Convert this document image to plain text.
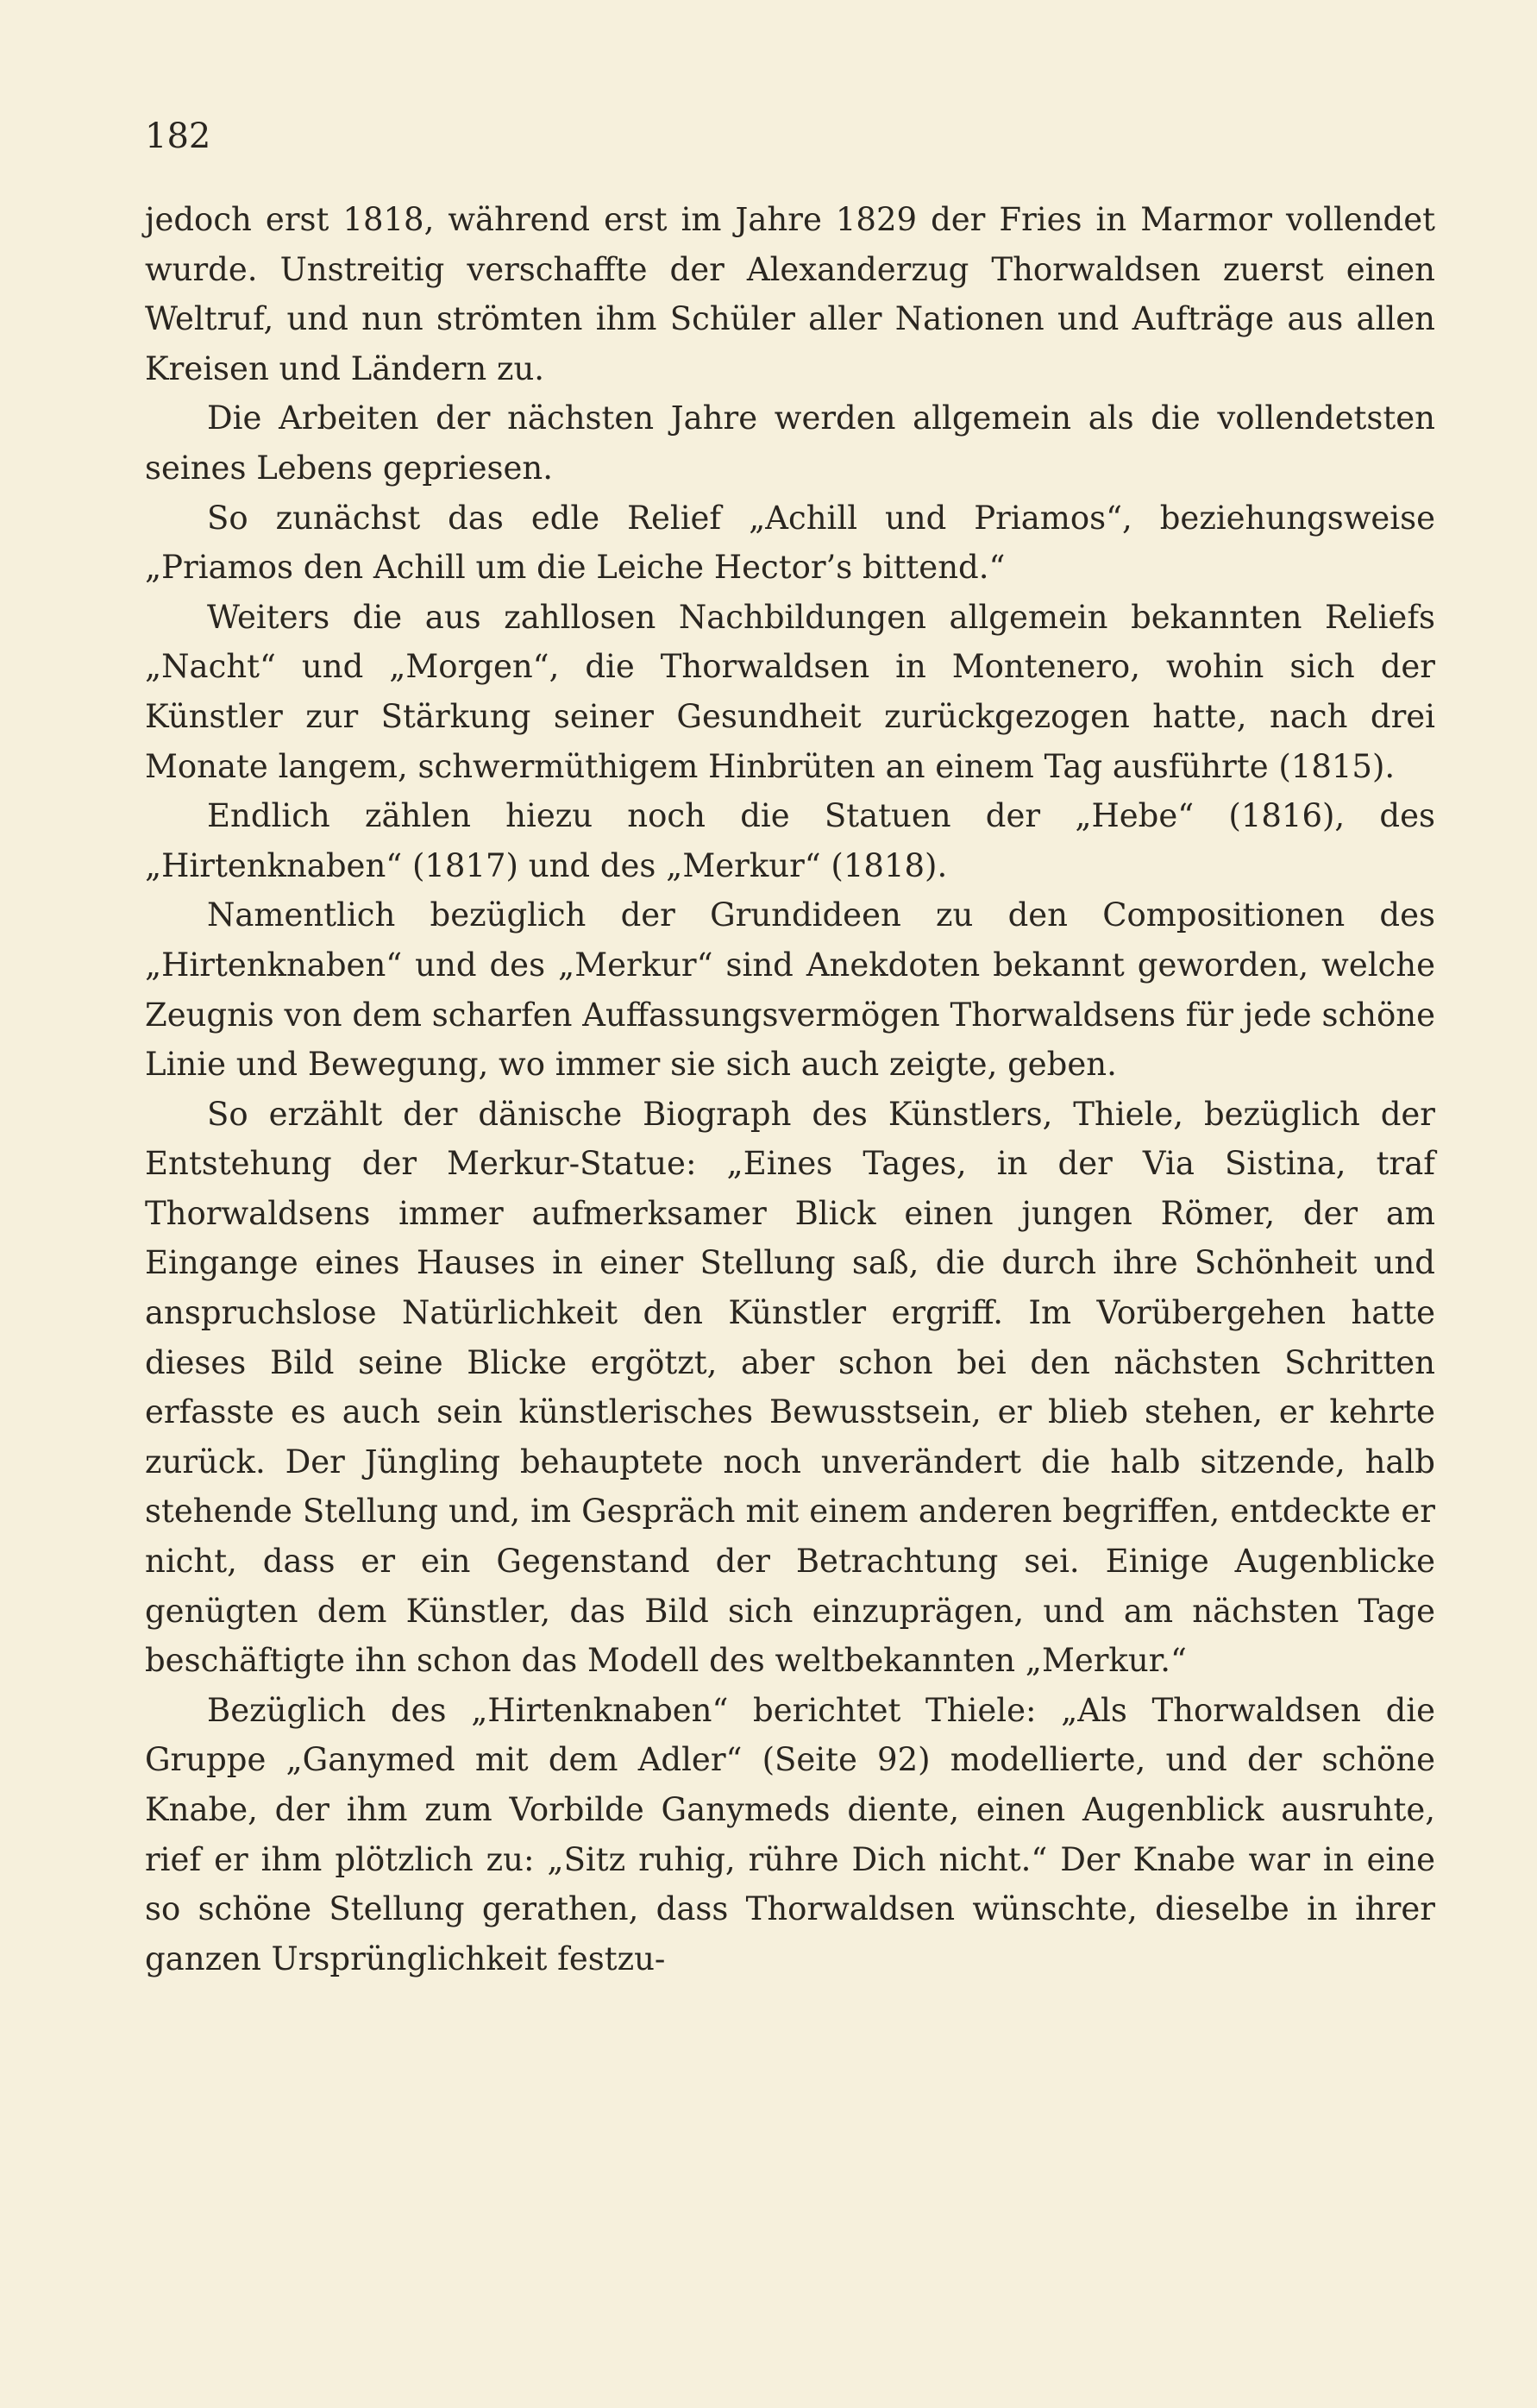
182

jedoch erst 1818, während erst im Jahre 1829 der Fries in Marmor vollendet wurde. Unstreitig verschaffte der Alexanderzug Thorwaldsen zuerst einen Weltruf, und nun strömten ihm Schüler aller Nationen und Aufträge aus allen Kreisen und Ländern zu.

Die Arbeiten der nächsten Jahre werden allgemein als die vollendetsten seines Lebens gepriesen.

So zunächst das edle Relief „Achill und Priamos“, beziehungsweise „Priamos den Achill um die Leiche Hector’s bittend.“

Weiters die aus zahllosen Nachbildungen allgemein bekannten Reliefs „Nacht“ und „Morgen“, die Thorwaldsen in Montenero, wohin sich der Künstler zur Stärkung seiner Gesundheit zurückgezogen hatte, nach drei Monate langem, schwermüthigem Hinbrüten an einem Tag ausführte (1815).

Endlich zählen hiezu noch die Statuen der „Hebe“ (1816), des „Hirtenknaben“ (1817) und des „Merkur“ (1818).

Namentlich bezüglich der Grundideen zu den Compositionen des „Hirtenknaben“ und des „Merkur“ sind Anekdoten bekannt geworden, welche Zeugnis von dem scharfen Auffassungsvermögen Thorwaldsens für jede schöne Linie und Bewegung, wo immer sie sich auch zeigte, geben.

So erzählt der dänische Biograph des Künstlers, Thiele, bezüglich der Entstehung der Merkur-Statue: „Eines Tages, in der Via Sistina, traf Thorwaldsens immer aufmerksamer Blick einen jungen Römer, der am Eingange eines Hauses in einer Stellung saß, die durch ihre Schönheit und anspruchslose Natürlichkeit den Künstler ergriff. Im Vorübergehen hatte dieses Bild seine Blicke ergötzt, aber schon bei den nächsten Schritten erfasste es auch sein künstlerisches Bewusstsein, er blieb stehen, er kehrte zurück. Der Jüngling behauptete noch unverändert die halb sitzende, halb stehende Stellung und, im Gespräch mit einem anderen begriffen, entdeckte er nicht, dass er ein Gegenstand der Betrachtung sei. Einige Augenblicke genügten dem Künstler, das Bild sich einzuprägen, und am nächsten Tage beschäftigte ihn schon das Modell des weltbekannten „Merkur.“

Bezüglich des „Hirtenknaben“ berichtet Thiele: „Als Thorwaldsen die Gruppe „Ganymed mit dem Adler“ (Seite 92) modellierte, und der schöne Knabe, der ihm zum Vorbilde Ganymeds diente, einen Augenblick ausruhte, rief er ihm plötzlich zu: „Sitz ruhig, rühre Dich nicht.“ Der Knabe war in eine so schöne Stellung gerathen, dass Thorwaldsen wünschte, dieselbe in ihrer ganzen Ursprünglichkeit festzu-
